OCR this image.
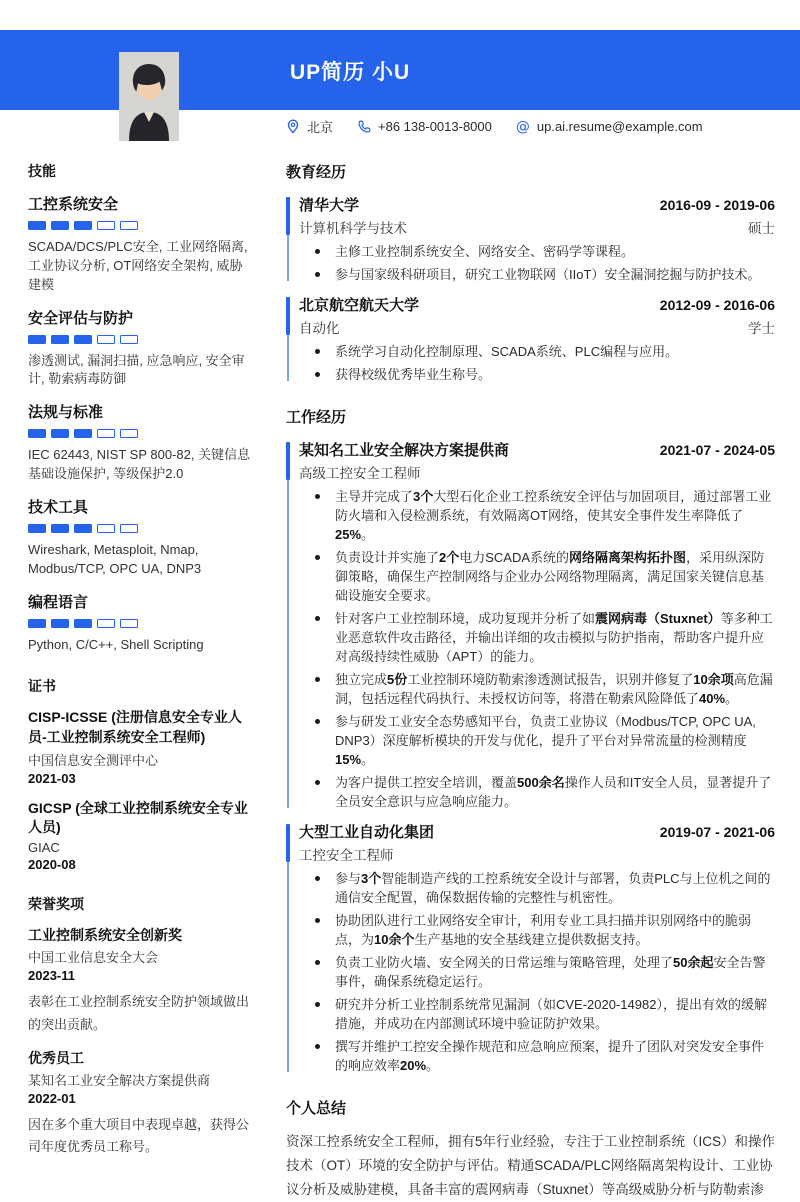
UP简历 小U
北京	+86 138-0013-8000 @ up.ai.resume@example.com
技能
工控系统安全
SCADA/DCS/PLC安全, 工业网络隔离, 工业协议分析, OT网络安全架构, 威胁建模
安全评估与防护
渗透测试, 漏洞扫描, 应急响应, 安全审计, 勒索病毒防御
法规与标准
IEC 62443, NIST SP 800-82, 关键信息基础设施保护, 等级保护2.0
技术工具
Wireshark, Metasploit, Nmap, Modbus/TCP, OPC UA, DNP3
编程语言
Python, C/C++, Shell Scripting
证书
CISP-ICSSE (注册信息安全专业人员-工业控制系统安全工程师)
中国信息安全测评中心
2021-03
GICSP (全球工业控制系统安全专业人员)
GIAC
2020-08
荣誉奖项
工业控制系统安全创新奖
中国工业信息安全大会
2023-11
表彰在工业控制系统安全防护领域做出的突出贡献。
优秀员工
某知名工业安全解决方案提供商
2022-01
因在多个重大项目中表现卓越，获得公司年度优秀员工称号。
教育经历
清华大学	2016-09 - 2019-06
计算机科学与技术	硕士
主修工业控制系统安全、网络安全、密码学等课程。
参与国家级科研项目，研究工业物联网（IIoT）安全漏洞挖掘与防护技术。
北京航空航天大学	2012-09 - 2016-06
自动化	学士
系统学习自动化控制原理、SCADA系统、PLC编程与应用。
获得校级优秀毕业生称号。
工作经历
某知名工业安全解决方案提供商	2021-07 - 2024-05
高级工控安全工程师
主导并完成了3个大型石化企业工控系统安全评估与加固项目，通过部署工业防火墙和入侵检测系统，有效隔离OT网络，使其安全事件发生率降低了25%。
负责设计并实施了2个电力SCADA系统的网络隔离架构拓扑图，采用纵深防御策略，确保生产控制网络与企业办公网络物理隔离，满足国家关键信息基础设施安全要求。
针对客户工业控制环境，成功复现并分析了如震网病毒（Stuxnet）等多种工业恶意软件攻击路径，并输出详细的攻击模拟与防护指南，帮助客户提升应对高级持续性威胁（APT）的能力。
独立完成5份工业控制环境防勒索渗透测试报告，识别并修复了10余项高危漏洞，包括远程代码执行、未授权访问等，将潜在勒索风险降低了40%。
参与研发工业安全态势感知平台，负责工业协议（Modbus/TCP, OPC UA, DNP3）深度解析模块的开发与优化，提升了平台对异常流量的检测精度15%。
为客户提供工控安全培训，覆盖500余名操作人员和IT安全人员，显著提升了全员安全意识与应急响应能力。
大型工业自动化集团	2019-07 - 2021-06
工控安全工程师
参与3个智能制造产线的工控系统安全设计与部署，负责PLC与上位机之间的通信安全配置，确保数据传输的完整性与机密性。
协助团队进行工业网络安全审计，利用专业工具扫描并识别网络中的脆弱点，为10余个生产基地的安全基线建立提供数据支持。
负责工业防火墙、安全网关的日常运维与策略管理，处理了50余起安全告警事件，确保系统稳定运行。
研究并分析工业控制系统常见漏洞（如CVE-2020-14982），提出有效的缓解措施，并成功在内部测试环境中验证防护效果。
撰写并维护工控安全操作规范和应急响应预案，提升了团队对突发安全事件的响应效率20%。
个人总结

资深工控系统安全工程师，拥有5年行业经验，专注于工业控制系统（ICS）和操作技术（OT）环境的安全防护与评估。精通SCADA/PLC网络隔离架构设计、工业协议分析及威胁建模，具备丰富的震网病毒（Stuxnet）等高级威胁分析与防勒索渗
